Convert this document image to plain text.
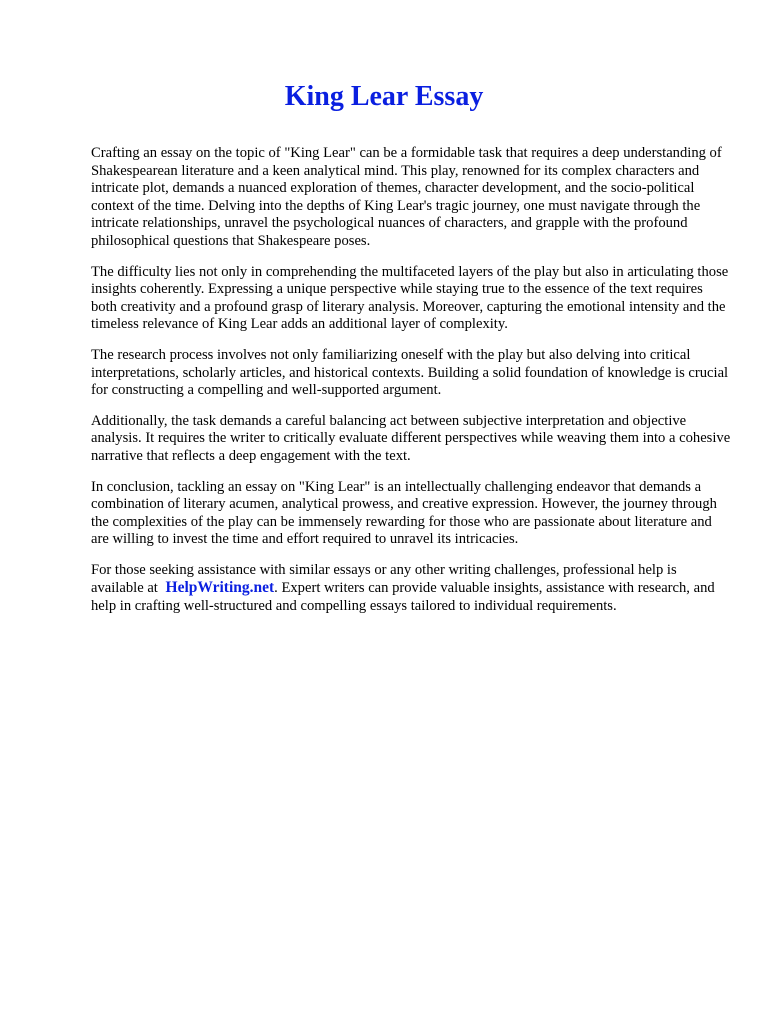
King Lear Essay

Crafting an essay on the topic of "King Lear" can be a formidable task that requires a deep understanding of Shakespearean literature and a keen analytical mind. This play, renowned for its complex characters and intricate plot, demands a nuanced exploration of themes, character development, and the socio-political context of the time. Delving into the depths of King Lear's tragic journey, one must navigate through the intricate relationships, unravel the psychological nuances of characters, and grapple with the profound philosophical questions that Shakespeare poses.

The difficulty lies not only in comprehending the multifaceted layers of the play but also in articulating those insights coherently. Expressing a unique perspective while staying true to the essence of the text requires both creativity and a profound grasp of literary analysis. Moreover, capturing the emotional intensity and the timeless relevance of King Lear adds an additional layer of complexity.

The research process involves not only familiarizing oneself with the play but also delving into critical interpretations, scholarly articles, and historical contexts. Building a solid foundation of knowledge is crucial for constructing a compelling and well-supported argument.

Additionally, the task demands a careful balancing act between subjective interpretation and objective analysis. It requires the writer to critically evaluate different perspectives while weaving them into a cohesive narrative that reflects a deep engagement with the text.

In conclusion, tackling an essay on "King Lear" is an intellectually challenging endeavor that demands a combination of literary acumen, analytical prowess, and creative expression. However, the journey through the complexities of the play can be immensely rewarding for those who are passionate about literature and are willing to invest the time and effort required to unravel its intricacies.

For those seeking assistance with similar essays or any other writing challenges, professional help is available at HelpWriting.net. Expert writers can provide valuable insights, assistance with research, and help in crafting well-structured and compelling essays tailored to individual requirements.
